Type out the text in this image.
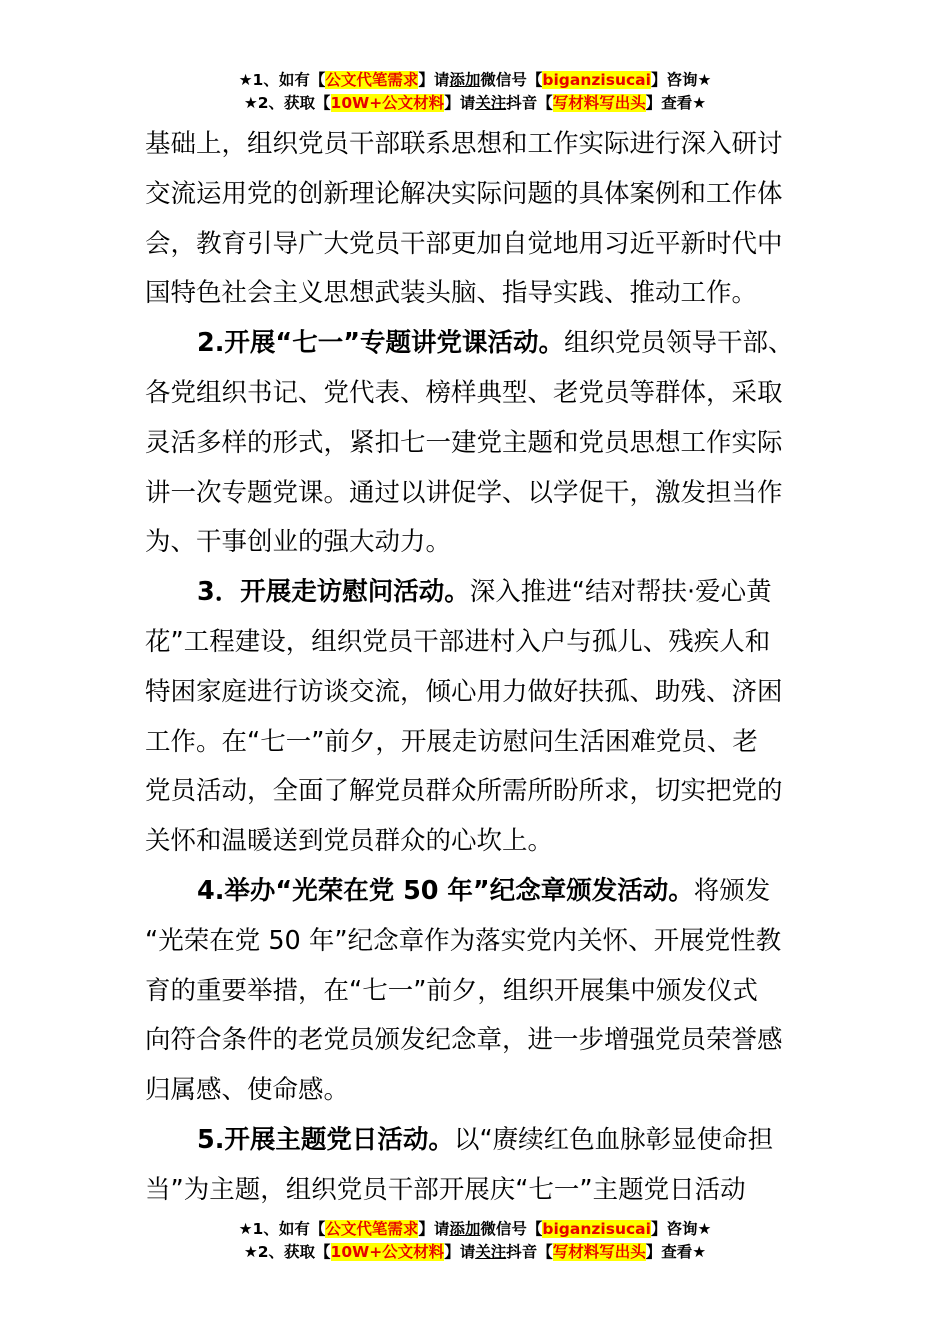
★1、如有【公文代笔需求】请添加微信号【biganzisucai】咨询★
★2、获取【10W+公文材料】请关注抖音【写材料写出头】查看★
基础上，组织党员干部联系思想和工作实际进行深入研讨
交流运用党的创新理论解决实际问题的具体案例和工作体
会，教育引导广大党员干部更加自觉地用习近平新时代中
国特色社会主义思想武装头脑、指导实践、推动工作。
2.开展“七一”专题讲党课活动。组织党员领导干部、
各党组织书记、党代表、榜样典型、老党员等群体，采取
灵活多样的形式，紧扣七一建党主题和党员思想工作实际
讲一次专题党课。通过以讲促学、以学促干，激发担当作
为、干事创业的强大动力。
3．开展走访慰问活动。深入推进“结对帮扶·爱心黄
花”工程建设，组织党员干部进村入户与孤儿、残疾人和
特困家庭进行访谈交流，倾心用力做好扶孤、助残、济困
工作。在“七一”前夕，开展走访慰问生活困难党员、老
党员活动，全面了解党员群众所需所盼所求，切实把党的
关怀和温暖送到党员群众的心坎上。
4.举办“光荣在党 50 年”纪念章颁发活动。将颁发
“光荣在党 50 年”纪念章作为落实党内关怀、开展党性教
育的重要举措，在“七一”前夕，组织开展集中颁发仪式
向符合条件的老党员颁发纪念章，进一步增强党员荣誉感
归属感、使命感。
5.开展主题党日活动。以“赓续红色血脉彰显使命担
当”为主题，组织党员干部开展庆“七一”主题党日活动
★1、如有【公文代笔需求】请添加微信号【biganzisucai】咨询★
★2、获取【10W+公文材料】请关注抖音【写材料写出头】查看★
